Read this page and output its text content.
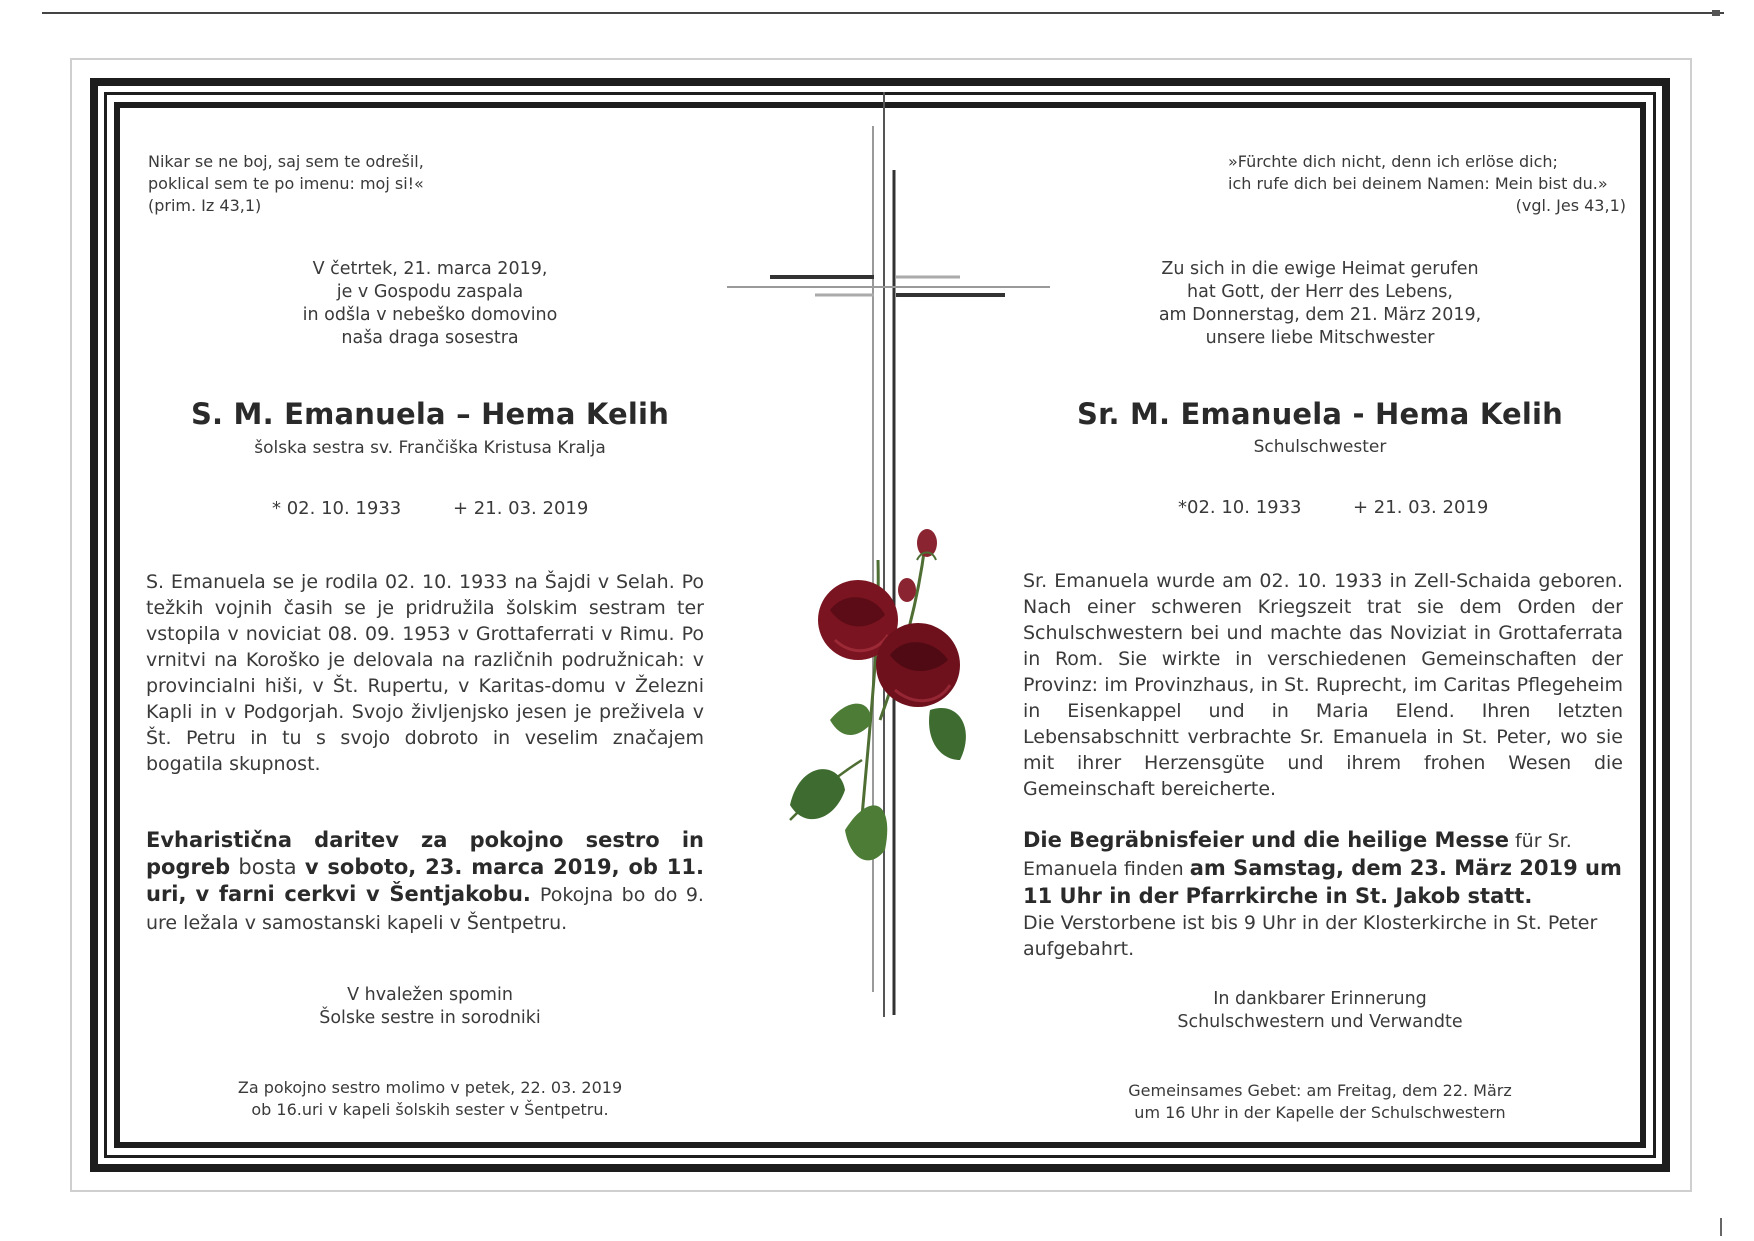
Nikar se ne boj, saj sem te odrešil,
poklical sem te po imenu: moj si!«
(prim. Iz 43,1)
V četrtek, 21. marca 2019,
je v Gospodu zaspala
in odšla v nebeško domovino
naša draga sosestra
S. M. Emanuela – Hema Kelih
šolska sestra sv. Frančiška Kristusa Kralja
* 02. 10. 1933	+ 21. 03. 2019
S. Emanuela se je rodila 02. 10. 1933 na Šajdi v Selah. Po težkih vojnih časih se je pridružila šolskim sestram ter vstopila v noviciat 08. 09. 1953 v Grottaferrati v Rimu. Po vrnitvi na Koroško je delovala na različnih podružnicah: v provincialni hiši, v Št. Rupertu, v Karitas-domu v Železni Kapli in v Podgorjah. Svojo življenjsko jesen je preživela v Št. Petru in tu s svojo dobroto in veselim značajem bogatila skupnost.
Evharistična daritev za pokojno sestro in pogreb bosta v soboto, 23. marca 2019, ob 11. uri, v farni cerkvi v Šentjakobu. Pokojna bo do 9. ure ležala v samostanski kapeli v Šentpetru.
V hvaležen spomin
Šolske sestre in sorodniki
Za pokojno sestro molimo v petek, 22. 03. 2019
ob 16.uri v kapeli šolskih sester v Šentpetru.
»Fürchte dich nicht, denn ich erlöse dich;
ich rufe dich bei deinem Namen: Mein bist du.»
(vgl. Jes 43,1)
Zu sich in die ewige Heimat gerufen
hat Gott, der Herr des Lebens,
am Donnerstag, dem 21. März 2019,
unsere liebe Mitschwester
Sr. M. Emanuela - Hema Kelih
Schulschwester
*02. 10. 1933	+ 21. 03. 2019
Sr. Emanuela wurde am 02. 10. 1933 in Zell-Schaida geboren. Nach einer schweren Kriegszeit trat sie dem Orden der Schulschwestern bei und machte das Noviziat in Grottaferrata in Rom. Sie wirkte in verschiedenen Gemeinschaften der Provinz: im Provinzhaus, in St. Ruprecht, im Caritas Pflegeheim in Eisenkappel und in Maria Elend. Ihren letzten Lebensabschnitt verbrachte Sr. Emanuela in St. Peter, wo sie mit ihrer Herzensgüte und ihrem frohen Wesen die Gemeinschaft bereicherte.
Die Begräbnisfeier und die heilige Messe für Sr. Emanuela finden am Samstag, dem 23. März 2019 um 11 Uhr in der Pfarrkirche in St. Jakob statt.
Die Verstorbene ist bis 9 Uhr in der Klosterkirche in St. Peter aufgebahrt.
In dankbarer Erinnerung
Schulschwestern und Verwandte
Gemeinsames Gebet: am Freitag, dem 22. März
um 16 Uhr in der Kapelle der Schulschwestern
